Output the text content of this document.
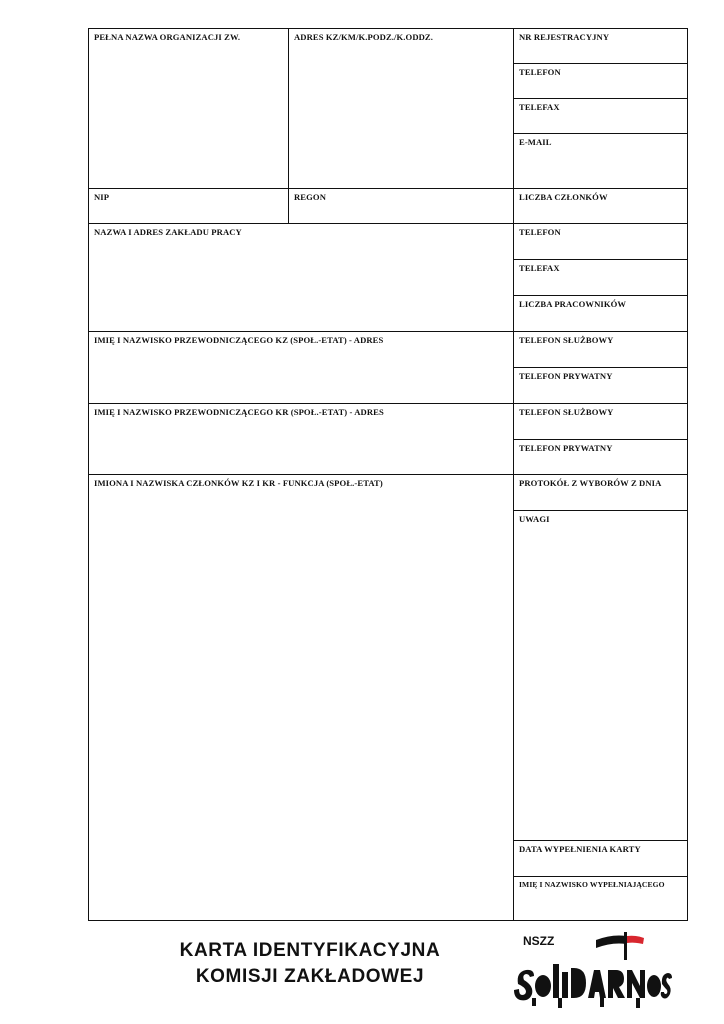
PEŁNA NAZWA ORGANIZACJI ZW.	ADRES KZ/KM/K.PODZ./K.ODDZ.	NR REJESTRACYJNY
TELEFON
TELEFAX
E-MAIL
NIP	REGON	LICZBA CZŁONKÓW
NAZWA I ADRES ZAKŁADU PRACY	TELEFON
TELEFAX
LICZBA PRACOWNIKÓW
IMIĘ I NAZWISKO PRZEWODNICZĄCEGO KZ (SPOŁ.-ETAT) - ADRES	TELEFON SŁUŻBOWY
TELEFON PRYWATNY
IMIĘ I NAZWISKO PRZEWODNICZĄCEGO KR (SPOŁ.-ETAT) - ADRES	TELEFON SŁUŻBOWY
TELEFON PRYWATNY
IMIONA I NAZWISKA CZŁONKÓW KZ I KR - FUNKCJA (SPOŁ.-ETAT)	PROTOKÓŁ Z WYBORÓW Z DNIA
UWAGI
DATA WYPEŁNIENIA KARTY
IMIĘ I NAZWISKO WYPEŁNIAJĄCEGO
KARTA IDENTYFIKACYJNA
KOMISJI ZAKŁADOWEJ
NSZZ
